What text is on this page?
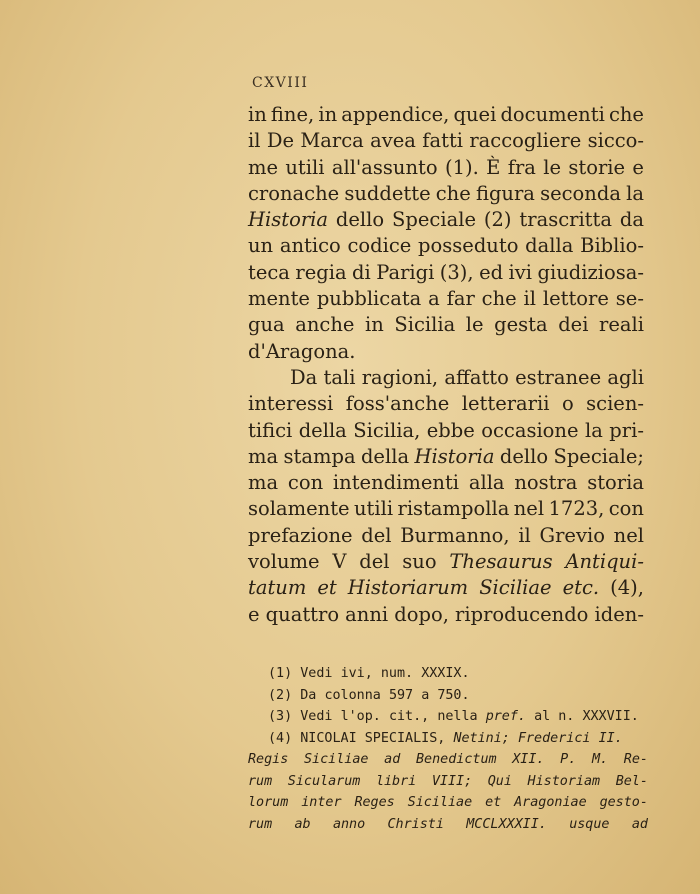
CXVIII
in fine, in appendice, quei documenti che
il De Marca avea fatti raccogliere sicco-
me utili all'assunto (1). È fra le storie e
cronache suddette che figura seconda la
Historia dello Speciale (2) trascritta da
un antico codice posseduto dalla Biblio-
teca regia di Parigi (3), ed ivi giudiziosa-
mente pubblicata a far che il lettore se-
gua anche in Sicilia le gesta dei reali
d'Aragona.
Da tali ragioni, affatto estranee agli
interessi foss'anche letterarii o scien-
tifici della Sicilia, ebbe occasione la pri-
ma stampa della Historia dello Speciale;
ma con intendimenti alla nostra storia
solamente utili ristampolla nel 1723, con
prefazione del Burmanno, il Grevio nel
volume V del suo Thesaurus Antiqui-
tatum et Historiarum Siciliae etc. (4),
e quattro anni dopo, riproducendo iden-
(1)
Vedi
ivi,
num.
XXXIX.
(2)
Da
colonna
597
a
750.
(3)
Vedi
l'op.
cit.,
nella
pref.
al
n.
XXXVII.
(4)
NICOLAI
SPECIALIS,
Netini;
Frederici
II.
Regis Siciliae ad Benedictum XII. P. M. Re-
rum Sicularum libri VIII; Qui Historiam Bel-
lorum inter Reges Siciliae et Aragoniae gesto-
rum ab anno Christi MCCLXXXII. usque ad
